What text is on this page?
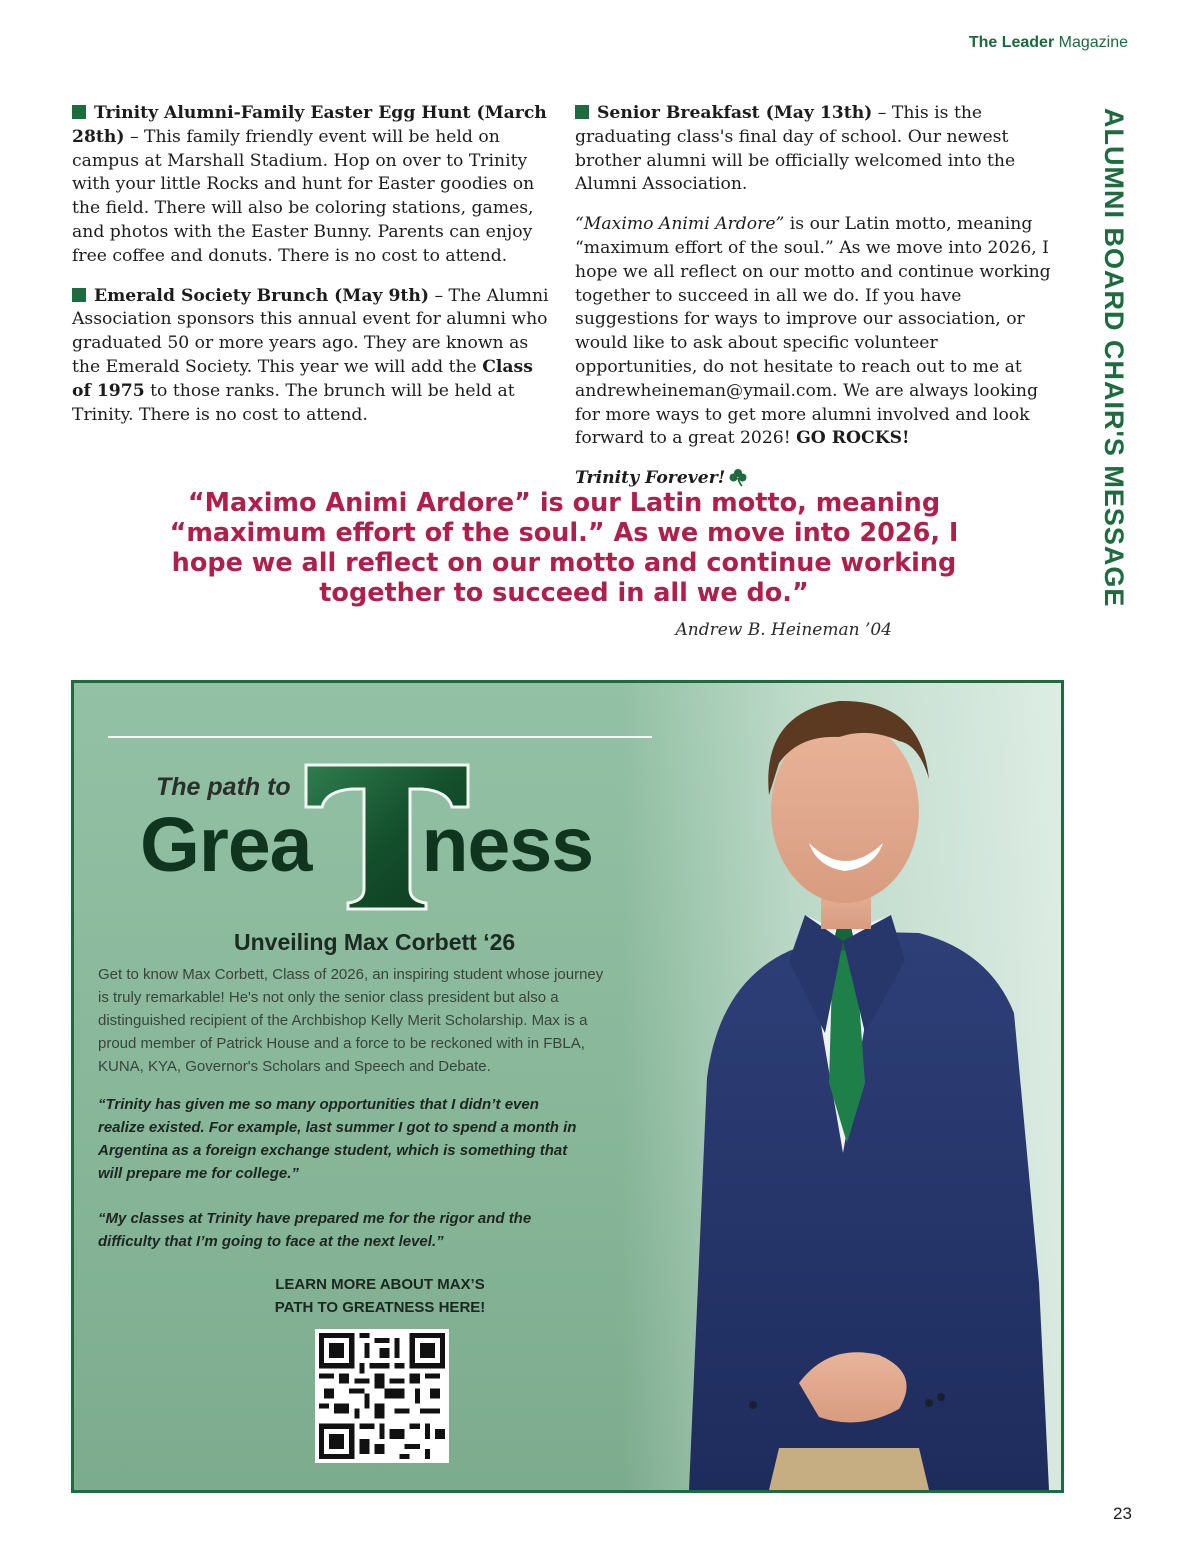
The Leader Magazine
ALUMNI BOARD CHAIR'S MESSAGE

Trinity Alumni-Family Easter Egg Hunt (March 28th) – This family friendly event will be held on campus at Marshall Stadium. Hop on over to Trinity with your little Rocks and hunt for Easter goodies on the field. There will also be coloring stations, games, and photos with the Easter Bunny. Parents can enjoy free coffee and donuts. There is no cost to attend.

Emerald Society Brunch (May 9th) – The Alumni Association sponsors this annual event for alumni who graduated 50 or more years ago. They are known as the Emerald Society. This year we will add the Class of 1975 to those ranks. The brunch will be held at Trinity. There is no cost to attend.

Senior Breakfast (May 13th) – This is the graduating class's final day of school. Our newest brother alumni will be officially welcomed into the Alumni Association.

“Maximo Animi Ardore” is our Latin motto, meaning “maximum effort of the soul.” As we move into 2026, I hope we all reflect on our motto and continue working together to succeed in all we do. If you have suggestions for ways to improve our association, or would like to ask about specific volunteer opportunities, do not hesitate to reach out to me at andrewheineman@ymail.com. We are always looking for more ways to get more alumni involved and look forward to a great 2026! GO ROCKS!

Trinity Forever!

“Maximo Animi Ardore” is our Latin motto, meaning “maximum effort of the soul.” As we move into 2026, I hope we all reflect on our motto and continue working together to succeed in all we do.”
Andrew B. Heineman ’04
The path to
Grea ness
Unveiling Max Corbett ‘26
Get to know Max Corbett, Class of 2026, an inspiring student whose journey is truly remarkable! He's not only the senior class president but also a distinguished recipient of the Archbishop Kelly Merit Scholarship. Max is a proud member of Patrick House and a force to be reckoned with in FBLA, KUNA, KYA, Governor's Scholars and Speech and Debate.
“Trinity has given me so many opportunities that I didn’t even realize existed. For example, last summer I got to spend a month in Argentina as a foreign exchange student, which is something that will prepare me for college.”
“My classes at Trinity have prepared me for the rigor and the difficulty that I’m going to face at the next level.”
LEARN MORE ABOUT MAX’S PATH TO GREATNESS HERE!
23
